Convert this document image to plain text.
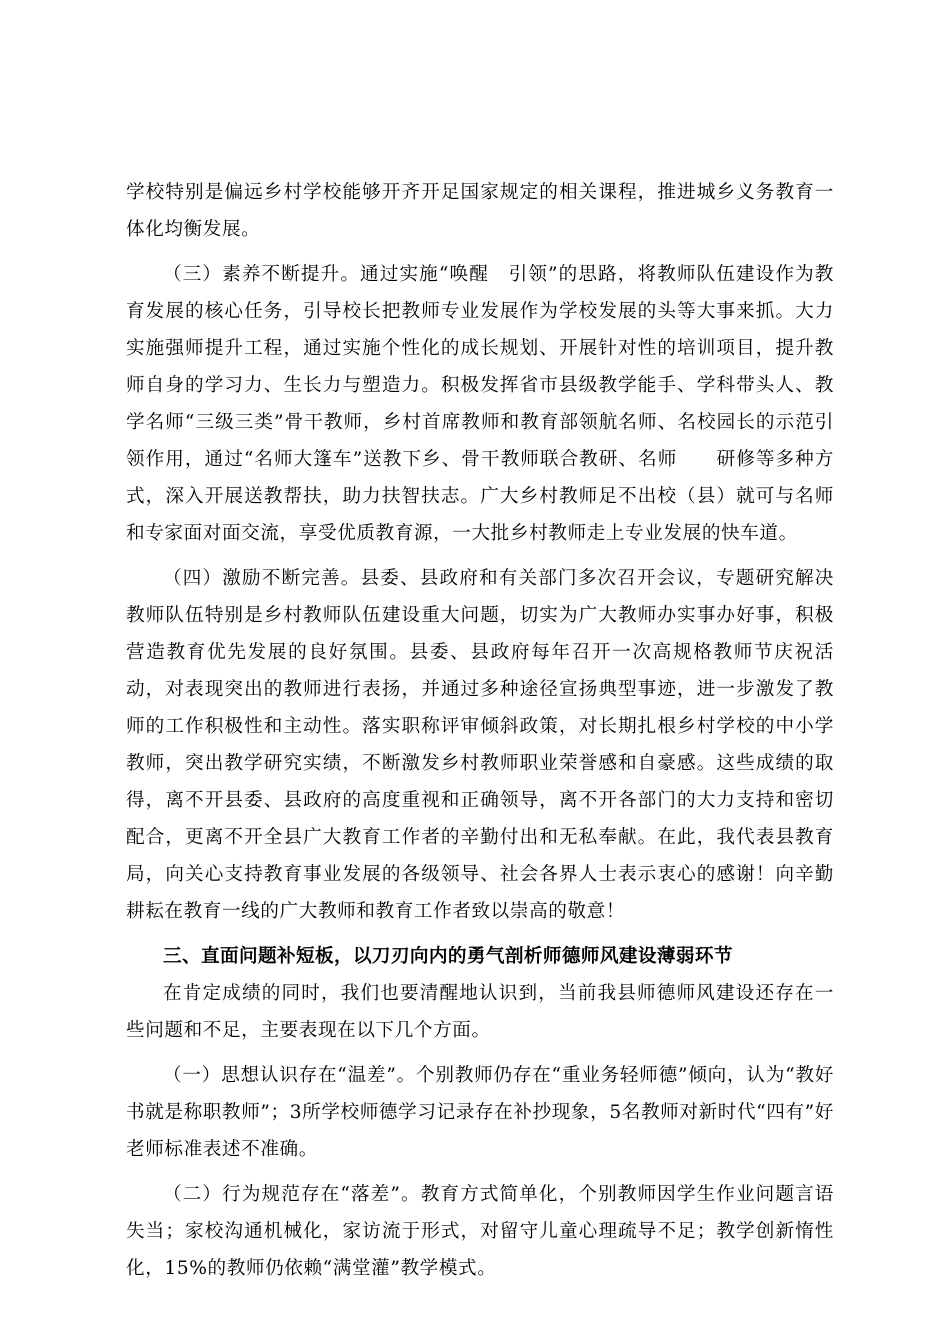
学校特别是偏远乡村学校能够开齐开足国家规定的相关课程，推进城乡义务教育一体化均衡发展。

（三）素养不断提升。通过实施“唤醒　引领”的思路，将教师队伍建设作为教育发展的核心任务，引导校长把教师专业发展作为学校发展的头等大事来抓。大力实施强师提升工程，通过实施个性化的成长规划、开展针对性的培训项目，提升教师自身的学习力、生长力与塑造力。积极发挥省市县级教学能手、学科带头人、教学名师“三级三类”骨干教师，乡村首席教师和教育部领航名师、名校园长的示范引领作用，通过“名师大篷车”送教下乡、骨干教师联合教研、名师　　研修等多种方式，深入开展送教帮扶，助力扶智扶志。广大乡村教师足不出校（县）就可与名师和专家面对面交流，享受优质教育源，一大批乡村教师走上专业发展的快车道。

（四）激励不断完善。县委、县政府和有关部门多次召开会议，专题研究解决教师队伍特别是乡村教师队伍建设重大问题，切实为广大教师办实事办好事，积极营造教育优先发展的良好氛围。县委、县政府每年召开一次高规格教师节庆祝活动，对表现突出的教师进行表扬，并通过多种途径宣扬典型事迹，进一步激发了教师的工作积极性和主动性。落实职称评审倾斜政策，对长期扎根乡村学校的中小学教师，突出教学研究实绩，不断激发乡村教师职业荣誉感和自豪感。这些成绩的取得，离不开县委、县政府的高度重视和正确领导，离不开各部门的大力支持和密切配合，更离不开全县广大教育工作者的辛勤付出和无私奉献。在此，我代表县教育局，向关心支持教育事业发展的各级领导、社会各界人士表示衷心的感谢！向辛勤耕耘在教育一线的广大教师和教育工作者致以崇高的敬意！

三、直面问题补短板，以刀刃向内的勇气剖析师德师风建设薄弱环节

在肯定成绩的同时，我们也要清醒地认识到，当前我县师德师风建设还存在一些问题和不足，主要表现在以下几个方面。

（一）思想认识存在“温差”。个别教师仍存在“重业务轻师德”倾向，认为“教好书就是称职教师”；3所学校师德学习记录存在补抄现象，5名教师对新时代“四有”好老师标准表述不准确。

（二）行为规范存在“落差”。教育方式简单化，个别教师因学生作业问题言语失当；家校沟通机械化，家访流于形式，对留守儿童心理疏导不足；教学创新惰性化，15%的教师仍依赖“满堂灌”教学模式。
